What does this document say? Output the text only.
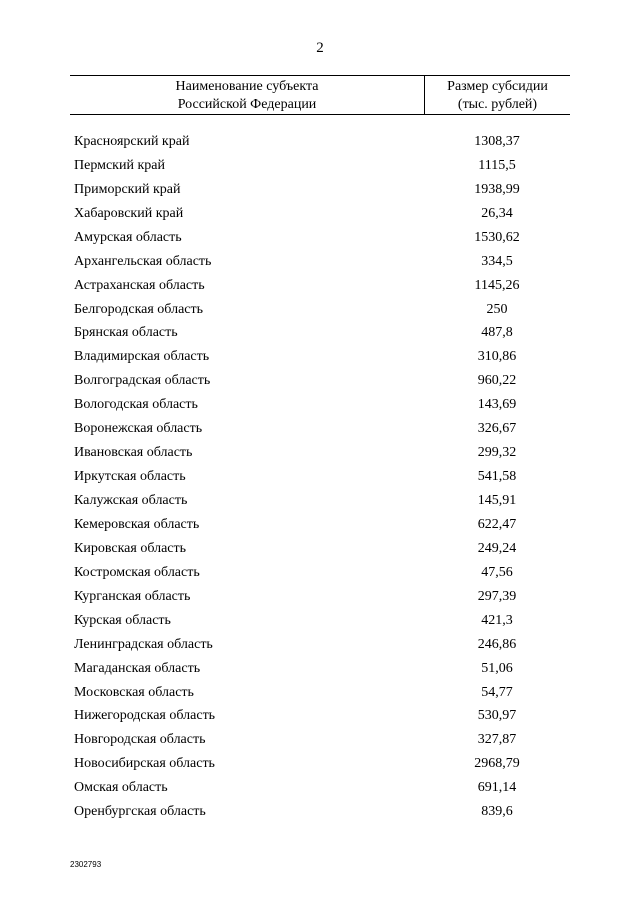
2
Наименование субъекта
Российской Федерации
Размер субсидии
(тыс. рублей)
Красноярский край	1308,37
Пермский край	1115,5
Приморский край	1938,99
Хабаровский край	26,34
Амурская область	1530,62
Архангельская область	334,5
Астраханская область	1145,26
Белгородская область	250
Брянская область	487,8
Владимирская область	310,86
Волгоградская область	960,22
Вологодская область	143,69
Воронежская область	326,67
Ивановская область	299,32
Иркутская область	541,58
Калужская область	145,91
Кемеровская область	622,47
Кировская область	249,24
Костромская область	47,56
Курганская область	297,39
Курская область	421,3
Ленинградская область	246,86
Магаданская область	51,06
Московская область	54,77
Нижегородская область	530,97
Новгородская область	327,87
Новосибирская область	2968,79
Омская область	691,14
Оренбургская область	839,6
2302793
